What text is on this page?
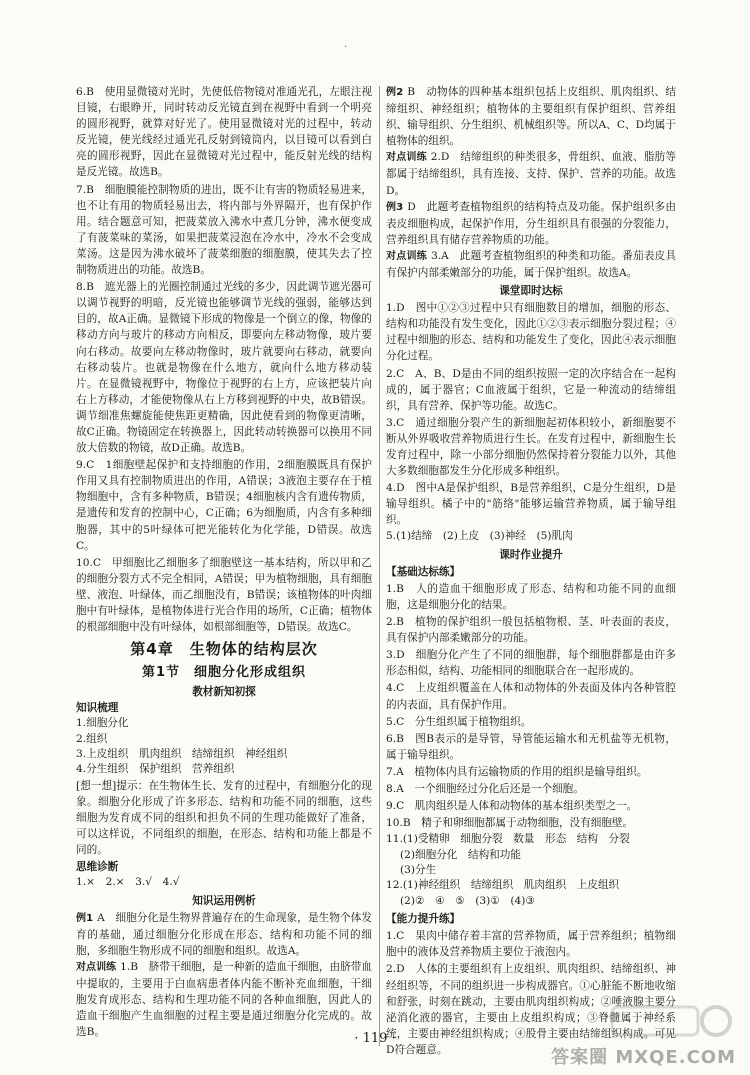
·

6.B　使用显微镜对光时，先使低倍物镜对准通光孔，左眼注视目镜，右眼睁开，同时转动反光镜直到在视野中看到一个明亮的圆形视野，就算对好光了。使用显微镜对光的过程中，转动反光镜，使光线经过通光孔反射到镜筒内，以目镜可以看到白亮的圆形视野，因此在显微镜对光过程中，能反射光线的结构是反光镜。故选B。

7.B　细胞膜能控制物质的进出，既不让有害的物质轻易进来，也不让有用的物质轻易出去，将内部与外界隔开，也有保护作用。结合题意可知，把菠菜放入沸水中煮几分钟，沸水便变成了有菠菜味的菜汤，如果把菠菜浸泡在冷水中，冷水不会变成菜汤。这是因为沸水破坏了菠菜细胞的细胞膜，使其失去了控制物质进出的功能。故选B。

8.B　遮光器上的光圈控制通过光线的多少，因此调节遮光器可以调节视野的明暗，反光镜也能够调节光线的强弱，能够达到目的，故A正确。显微镜下形成的物像是一个倒立的像，物像的移动方向与玻片的移动方向相反，即要向左移动物像，玻片要向右移动。故要向左移动物像时，玻片就要向右移动，就要向右移动装片。也就是物像在什么地方，就向什么地方移动装片。在显微镜视野中，物像位于视野的右上方，应该把装片向右上方移动，才能使物像从右上方移到视野的中央，故B错误。调节细准焦螺旋能使焦距更精确，因此使看到的物像更清晰，故C正确。物镜固定在转换器上，因此转动转换器可以换用不同放大倍数的物镜，故D正确。故选B。

9.C　1细胞壁起保护和支持细胞的作用，2细胞膜既具有保护作用又具有控制物质进出的作用，A错误；3液泡主要存在于植物细胞中，含有多种物质，B错误；4细胞核内含有遗传物质，是遗传和发育的控制中心，C正确；6为细胞质，内含有多种细胞器，其中的5叶绿体可把光能转化为化学能，D错误。故选C。

10.C　甲细胞比乙细胞多了细胞壁这一基本结构，所以甲和乙的细胞分裂方式不完全相同，A错误；甲为植物细胞，具有细胞壁、液泡、叶绿体，而乙细胞没有，B错误；该植物体的叶肉细胞中有叶绿体，是植物体进行光合作用的场所，C正确；植物体的根部细胞中没有叶绿体，如根部细胞等，D错误。故选C。

第4章　生物体的结构层次
第1节　细胞分化形成组织
教材新知初探
知识梳理
1.细胞分化
2.组织
3.上皮组织　肌肉组织　结缔组织　神经组织
4.分生组织　保护组织　营养组织

[想一想]提示：在生物体生长、发育的过程中，有细胞分化的现象。细胞分化形成了许多形态、结构和功能不同的细胞，这些细胞为发育成不同的组织和担负不同的生理功能做好了准备，可以这样说，不同组织的细胞，在形态、结构和功能上都是不同的。

思维诊断
1.×　2.×　3.√　4.√
知识运用例析

例1 A　细胞分化是生物界普遍存在的生命现象，是生物个体发育的基础，通过细胞分化形成在形态、结构和功能不同的细胞，多细胞生物形成不同的细胞和组织。故选A。

对点训练 1.B　脐带干细胞，是一种新的造血干细胞，由脐带血中提取的，主要用于白血病患者体内能不断补充血细胞，干细胞发育成形态、结构和生理功能不同的各种血细胞，因此人的造血干细胞产生血细胞的过程主要是通过细胞分化完成的。故选B。

例2 B　动物体的四种基本组织包括上皮组织、肌肉组织、结缔组织、神经组织；植物体的主要组织有保护组织、营养组织、输导组织、分生组织、机械组织等。所以A、C、D均属于植物体的组织。

对点训练 2.D　结缔组织的种类很多，骨组织、血液、脂肪等都属于结缔组织，具有连接、支持、保护、营养的功能。故选D。

例3 D　此题考查植物组织的结构特点及功能。保护组织多由表皮细胞构成，起保护作用，分生组织具有很强的分裂能力，营养组织具有储存营养物质的功能。

对点训练 3.A　此题考查植物组织的种类和功能。番茄表皮具有保护内部柔嫩部分的功能，属于保护组织。故选A。

课堂即时达标

1.D　图中①②③过程中只有细胞数目的增加，细胞的形态、结构和功能没有发生变化，因此①②③表示细胞分裂过程；④过程中细胞的形态、结构和功能发生了变化，因此④表示细胞分化过程。

2.C　A、B、D是由不同的组织按照一定的次序结合在一起构成的，属于器官；C血液属于组织，它是一种流动的结缔组织，具有营养、保护等功能。故选C。

3.C　通过细胞分裂产生的新细胞起初体积较小，新细胞要不断从外界吸收营养物质进行生长。在发育过程中，新细胞生长发育过程中，除一小部分细胞仍然保持着分裂能力以外，其他大多数细胞都发生分化形成多种组织。

4.D　图中A是保护组织，B是营养组织，C是分生组织，D是输导组织。橘子中的"筋络"能够运输营养物质，属于输导组织。

5.(1)结缔　(2)上皮　(3)神经　(5)肌肉
课时作业提升
【基础达标练】

1.B　人的造血干细胞形成了形态、结构和功能不同的血细胞，这是细胞分化的结果。

2.B　植物的保护组织一般包括植物根、茎、叶表面的表皮，具有保护内部柔嫩部分的功能。

3.D　细胞分化产生了不同的细胞群，每个细胞群都是由许多形态相似，结构、功能相同的细胞联合在一起形成的。

4.C　上皮组织覆盖在人体和动物体的外表面及体内各种管腔的内表面，具有保护作用。

5.C　分生组织属于植物组织。

6.B　图B表示的是导管，导管能运输水和无机盐等无机物，属于输导组织。

7.A　植物体内具有运输物质的作用的组织是输导组织。

8.A　一个细胞经过分化后还是一个细胞。

9.C　肌肉组织是人体和动物体的基本组织类型之一。

10.B　精子和卵细胞都属于动物细胞，没有细胞壁。

11.(1)受精卵　细胞分裂　数量　形态　结构　分裂
(2)细胞分化　结构和功能
(3)分生
12.(1)神经组织　结缔组织　肌肉组织　上皮组织
(2)②　④　⑤　(3)①　(4)③
【能力提升练】

1.C　果肉中储存着丰富的营养物质，属于营养组织；植物细胞中的液体及营养物质主要位于液泡内。

2.D　人体的主要组织有上皮组织、肌肉组织、结缔组织、神经组织等，不同的组织进一步构成器官。①心脏能不断地收缩和舒张，时刻在跳动，主要由肌肉组织构成；②唾液腺主要分泌消化液的器官，主要由上皮组织构成；③脊髓属于神经系统，主要由神经组织构成；④股骨主要由结缔组织构成。可见D符合题意。

· 119 ·
答案圈 MXQE.COM
